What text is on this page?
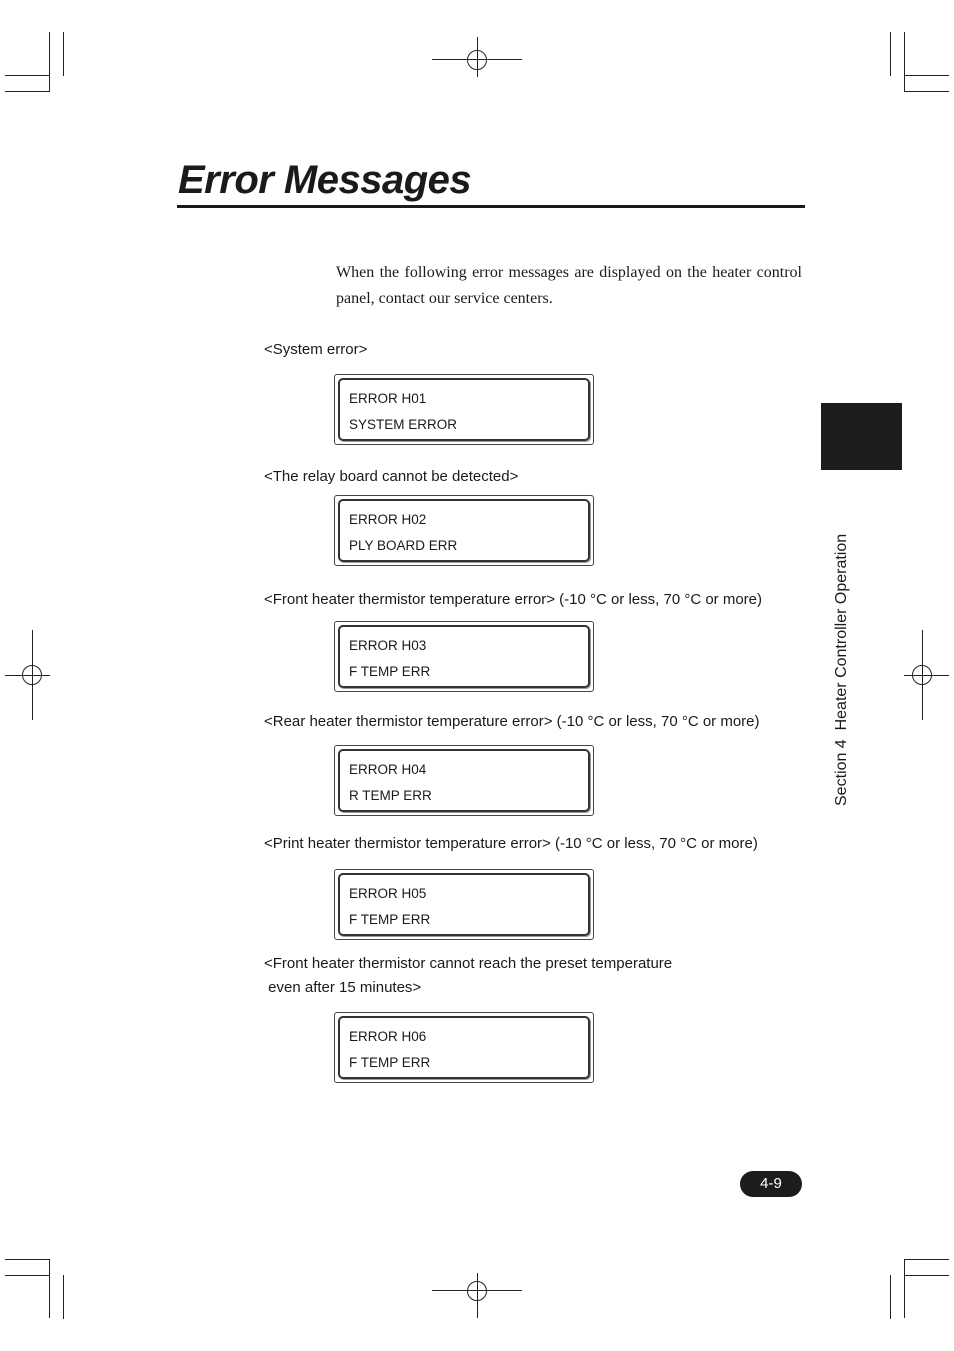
Error Messages

When the following error messages are displayed on the heater control panel, contact our service centers.

<System error>
ERROR H01
SYSTEM ERROR
<The relay board cannot be detected>
ERROR H02
PLY BOARD ERR
<Front heater thermistor temperature error> (-10 °C or less, 70 °C or more)
ERROR H03
F TEMP ERR
<Rear heater thermistor temperature error> (-10 °C or less, 70 °C or more)
ERROR H04
R TEMP ERR
<Print heater thermistor temperature error> (-10 °C or less, 70 °C or more)
ERROR H05
F TEMP ERR
<Front heater thermistor cannot reach the preset temperature
even after 15 minutes>
ERROR H06
F TEMP ERR
Section 4  Heater Controller Operation
4-9
